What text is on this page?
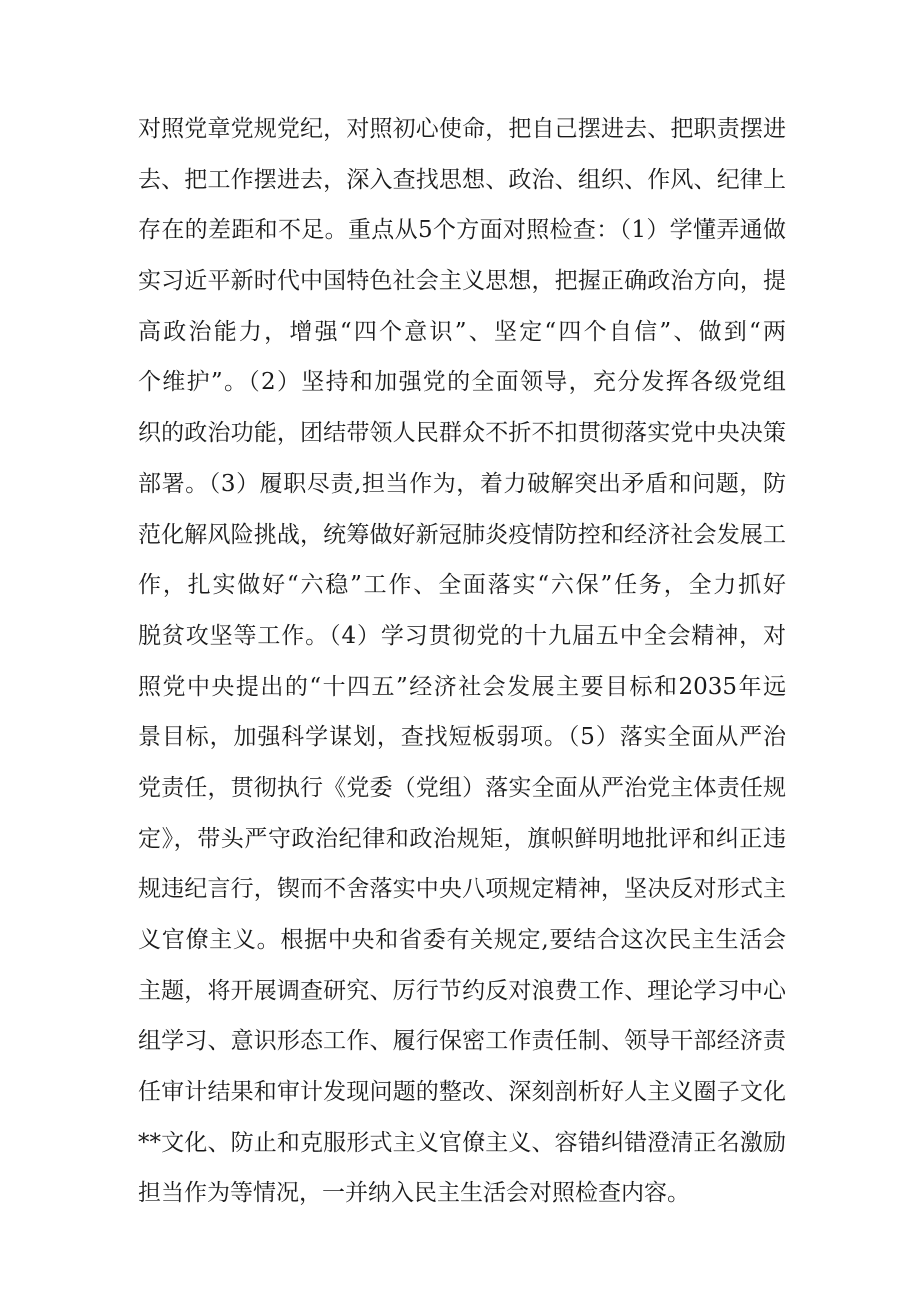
对照党章党规党纪，对照初心使命，把自己摆进去、把职责摆进
去、把工作摆进去，深入查找思想、政治、组织、作风、纪律上
存在的差距和不足。重点从5个方面对照检查：（1）学懂弄通做
实习近平新时代中国特色社会主义思想，把握正确政治方向，提
高政治能力，增强“四个意识”、坚定“四个自信”、做到“两
个维护”。（2）坚持和加强党的全面领导，充分发挥各级党组
织的政治功能，团结带领人民群众不折不扣贯彻落实党中央决策
部署。（3）履职尽责,担当作为，着力破解突出矛盾和问题，防
范化解风险挑战，统筹做好新冠肺炎疫情防控和经济社会发展工
作，扎实做好“六稳”工作、全面落实“六保”任务，全力抓好
脱贫攻坚等工作。（4）学习贯彻党的十九届五中全会精神，对
照党中央提出的“十四五”经济社会发展主要目标和2035年远
景目标，加强科学谋划，查找短板弱项。（5）落实全面从严治
党责任，贯彻执行《党委（党组）落实全面从严治党主体责任规
定》，带头严守政治纪律和政治规矩，旗帜鲜明地批评和纠正违
规违纪言行，锲而不舍落实中央八项规定精神，坚决反对形式主
义官僚主义。根据中央和省委有关规定,要结合这次民主生活会
主题，将开展调查研究、厉行节约反对浪费工作、理论学习中心
组学习、意识形态工作、履行保密工作责任制、领导干部经济责
任审计结果和审计发现问题的整改、深刻剖析好人主义圈子文化
**文化、防止和克服形式主义官僚主义、容错纠错澄清正名激励
担当作为等情况，一并纳入民主生活会对照检查内容。
